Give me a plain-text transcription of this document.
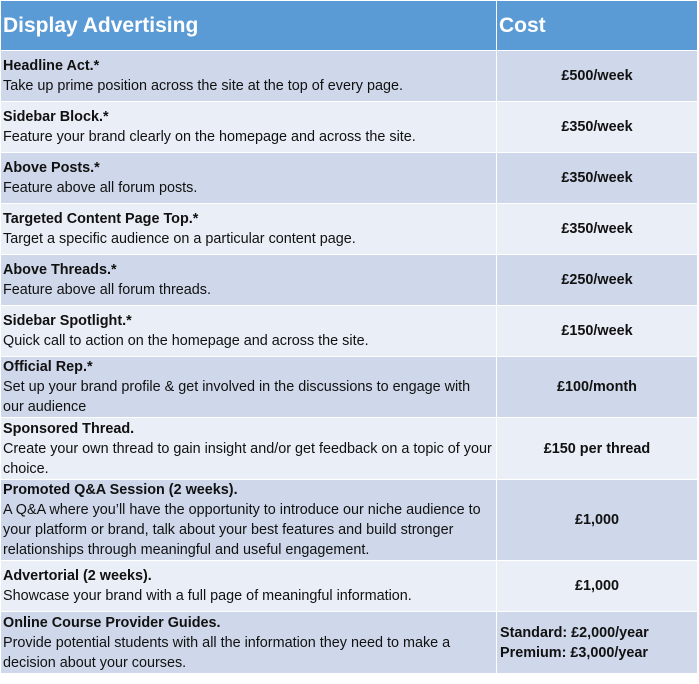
Display Advertising	Cost

Headline Act.*
Take up prime position across the site at the top of every page.	£500/week

Sidebar Block.*
Feature your brand clearly on the homepage and across the site.	£350/week

Above Posts.*
Feature above all forum posts.	£350/week

Targeted Content Page Top.*
Target a specific audience on a particular content page.	£350/week

Above Threads.*
Feature above all forum threads.	£250/week

Sidebar Spotlight.*
Quick call to action on the homepage and across the site.	£150/week

Official Rep.*
Set up your brand profile & get involved in the discussions to engage with our audience	£100/month

Sponsored Thread.
Create your own thread to gain insight and/or get feedback on a topic of your choice.	£150 per thread

Promoted Q&A Session (2 weeks).
A Q&A where you’ll have the opportunity to introduce our niche audience to your platform or brand, talk about your best features and build stronger relationships through meaningful and useful engagement.	£1,000

Advertorial (2 weeks).
Showcase your brand with a full page of meaningful information.	£1,000

Online Course Provider Guides.
Provide potential students with all the information they need to make a decision about your courses.	Standard: £2,000/year
Premium: £3,000/year
